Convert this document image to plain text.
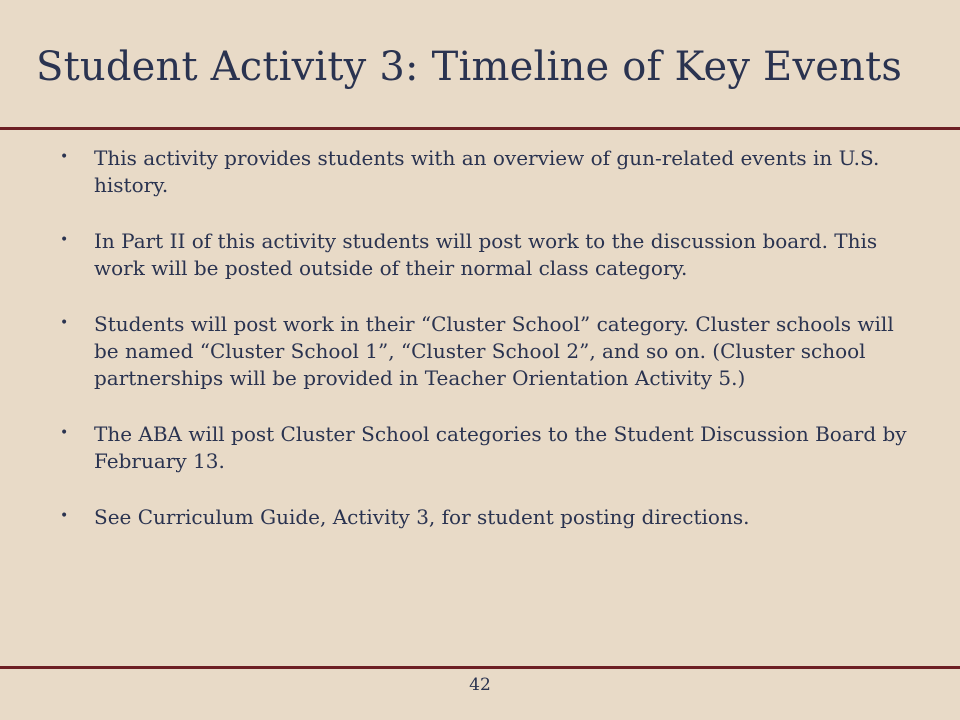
Student Activity 3: Timeline of Key Events
• This activity provides students with an overview of gun-related events in U.S. history.
• In Part II of this activity students will post work to the discussion board. This work will be posted outside of their normal class category.
• Students will post work in their “Cluster School” category. Cluster schools will be named “Cluster School 1”, “Cluster School 2”, and so on. (Cluster school partnerships will be provided in Teacher Orientation Activity 5.)
• The ABA will post Cluster School categories to the Student Discussion Board by February 13.
• See Curriculum Guide, Activity 3, for student posting directions.
42
